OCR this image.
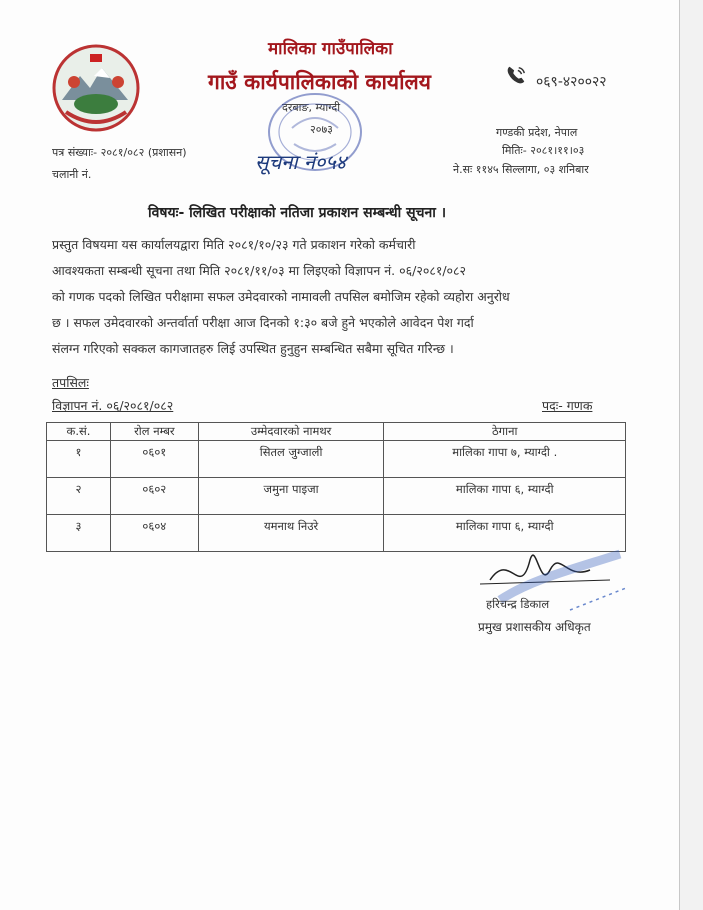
मालिका गाउँपालिका
गाउँ कार्यपालिकाको कार्यालय
दरबाङ, म्याग्दी
२०७३
०६९-४२००२२
गण्डकी प्रदेश, नेपाल
मितिः- २०८१।११।०३
ने.सः ११४५ सिल्लागा, ०३ शनिबार
पत्र संख्याः- २०८१/०८२ (प्रशासन)
चलानी नं.
सूचना नं०५४
विषयः- लिखित परीक्षाको नतिजा प्रकाशन सम्बन्धी सूचना ।
प्रस्तुत विषयमा यस कार्यालयद्वारा मिति २०८१/१०/२३ गते प्रकाशन गरेको कर्मचारी
आवश्यकता सम्बन्धी सूचना तथा मिति २०८१/११/०३ मा लिइएको विज्ञापन नं. ०६/२०८१/०८२
को गणक पदको लिखित परीक्षामा सफल उमेदवारको नामावली तपसिल बमोजिम रहेको व्यहोरा अनुरोध
छ । सफल उमेदवारको अन्तर्वार्ता परीक्षा आज दिनको १:३० बजे हुने भएकोले आवेदन पेश गर्दा
संलग्न गरिएको सक्कल कागजातहरु लिई उपस्थित हुनुहुन सम्बन्धित सबैमा सूचित गरिन्छ ।
तपसिलः
विज्ञापन नं. ०६/२०८१/०८२	पदः- गणक
क.सं.	रोल नम्बर	उम्मेदवारको नामथर	ठेगाना
१	०६०१	सितल जुग्जाली	मालिका गापा ७, म्याग्दी .
२	०६०२	जमुना पाइजा	मालिका गापा ६, म्याग्दी
३	०६०४	यमनाथ निउरे	मालिका गापा ६, म्याग्दी
हरिचन्द्र डिकाल
प्रमुख प्रशासकीय अधिकृत
